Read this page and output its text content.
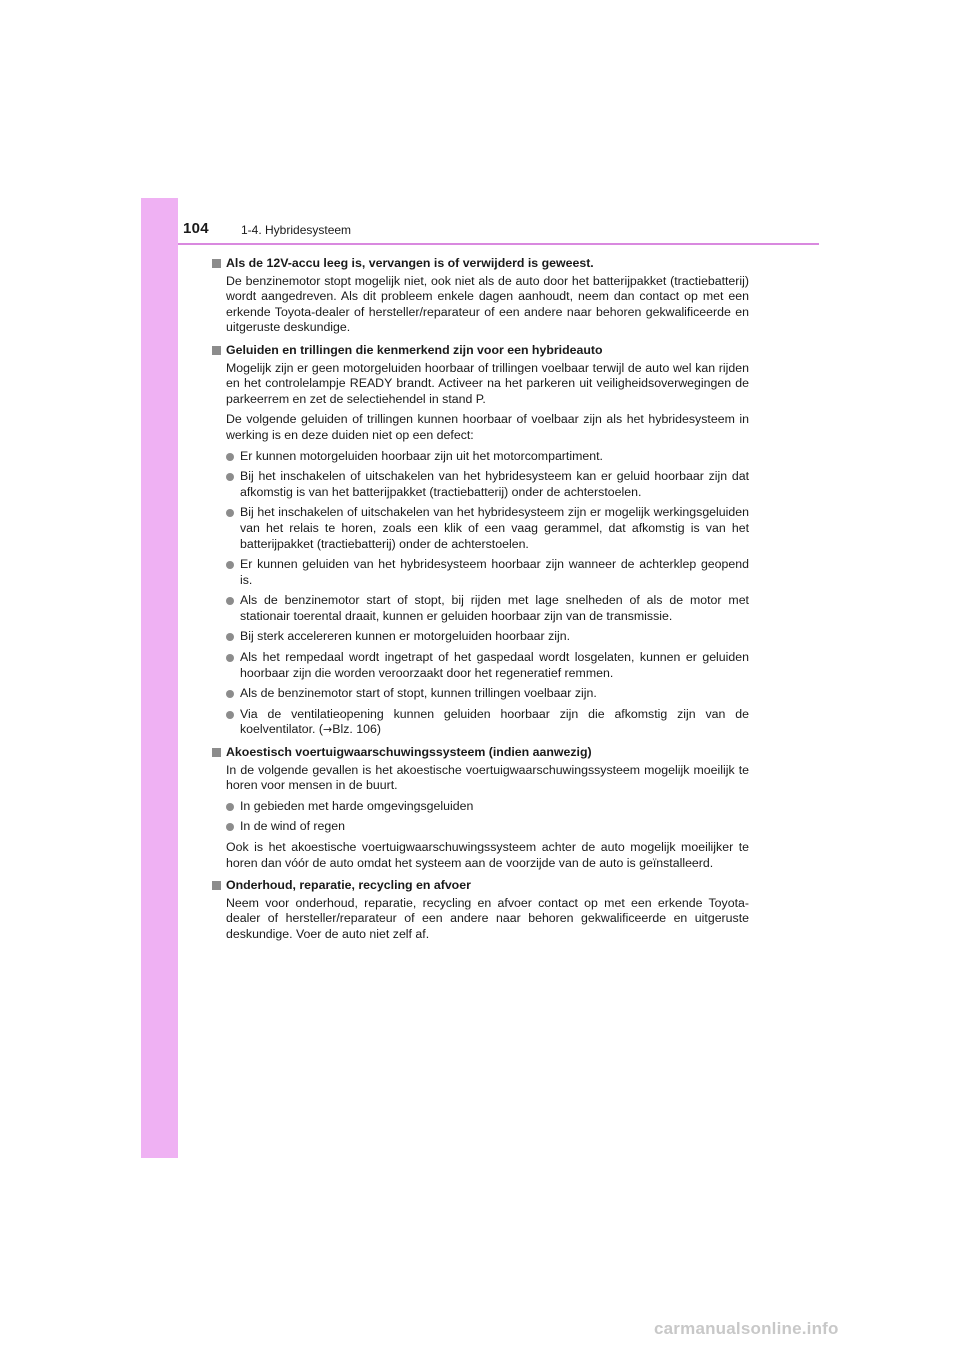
104	1-4. Hybridesysteem
Als de 12V-accu leeg is, vervangen is of verwijderd is geweest.

De benzinemotor stopt mogelijk niet, ook niet als de auto door het batterijpakket (tractiebatterij) wordt aangedreven. Als dit probleem enkele dagen aanhoudt, neem dan contact op met een erkende Toyota-dealer of hersteller/reparateur of een andere naar behoren gekwalificeerde en uitgeruste deskundige.

Geluiden en trillingen die kenmerkend zijn voor een hybrideauto

Mogelijk zijn er geen motorgeluiden hoorbaar of trillingen voelbaar terwijl de auto wel kan rijden en het controlelampje READY brandt. Activeer na het parkeren uit veiligheidsoverwegingen de parkeerrem en zet de selectiehendel in stand P.

De volgende geluiden of trillingen kunnen hoorbaar of voelbaar zijn als het hybridesysteem in werking is en deze duiden niet op een defect:

Er kunnen motorgeluiden hoorbaar zijn uit het motorcompartiment.
Bij het inschakelen of uitschakelen van het hybridesysteem kan er geluid hoorbaar zijn dat afkomstig is van het batterijpakket (tractiebatterij) onder de achterstoelen.
Bij het inschakelen of uitschakelen van het hybridesysteem zijn er mogelijk werkingsgeluiden van het relais te horen, zoals een klik of een vaag gerammel, dat afkomstig is van het batterijpakket (tractiebatterij) onder de achterstoelen.
Er kunnen geluiden van het hybridesysteem hoorbaar zijn wanneer de achterklep geopend is.
Als de benzinemotor start of stopt, bij rijden met lage snelheden of als de motor met stationair toerental draait, kunnen er geluiden hoorbaar zijn van de transmissie.
Bij sterk accelereren kunnen er motorgeluiden hoorbaar zijn.
Als het rempedaal wordt ingetrapt of het gaspedaal wordt losgelaten, kunnen er geluiden hoorbaar zijn die worden veroorzaakt door het regeneratief remmen.
Als de benzinemotor start of stopt, kunnen trillingen voelbaar zijn.
Via de ventilatieopening kunnen geluiden hoorbaar zijn die afkomstig zijn van de koelventilator. (→Blz. 106)
Akoestisch voertuigwaarschuwingssysteem (indien aanwezig)

In de volgende gevallen is het akoestische voertuigwaarschuwingssysteem mogelijk moeilijk te horen voor mensen in de buurt.

In gebieden met harde omgevingsgeluiden
In de wind of regen

Ook is het akoestische voertuigwaarschuwingssysteem achter de auto mogelijk moeilijker te horen dan vóór de auto omdat het systeem aan de voorzijde van de auto is geïnstalleerd.

Onderhoud, reparatie, recycling en afvoer

Neem voor onderhoud, reparatie, recycling en afvoer contact op met een erkende Toyota-dealer of hersteller/reparateur of een andere naar behoren gekwalificeerde en uitgeruste deskundige. Voer de auto niet zelf af.

carmanualsonline.info
